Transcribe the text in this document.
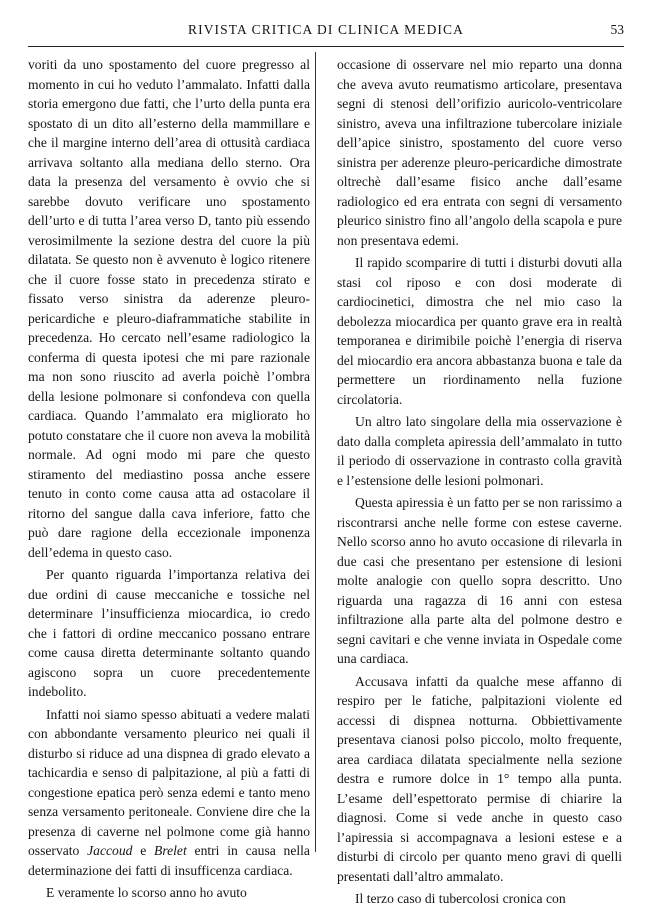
RIVISTA CRITICA DI CLINICA MEDICA	53

voriti da uno spostamento del cuore pregresso al momento in cui ho veduto l’ammalato. Infatti dalla storia emergono due fatti, che l’urto della punta era spostato di un dito all’esterno della mammillare e che il margine interno dell’area di ottusità cardiaca arrivava soltanto alla mediana dello sterno. Ora data la presenza del versamento è ovvio che si sarebbe dovuto verificare uno spostamento dell’urto e di tutta l’area verso D, tanto più essendo verosimilmente la sezione destra del cuore la più dilatata. Se questo non è avvenuto è logico ritenere che il cuore fosse stato in precedenza stirato e fissato verso sinistra da aderenze pleuro-pericardiche e pleuro-diaframmatiche stabilite in precedenza. Ho cercato nell’esame radiologico la conferma di questa ipotesi che mi pare razionale ma non sono riuscito ad averla poichè l’ombra della lesione polmonare si confondeva con quella cardiaca. Quando l’ammalato era migliorato ho potuto constatare che il cuore non aveva la mobilità normale. Ad ogni modo mi pare che questo stiramento del mediastino possa anche essere tenuto in conto come causa atta ad ostacolare il ritorno del sangue dalla cava inferiore, fatto che può dare ragione della eccezionale imponenza dell’edema in questo caso.

Per quanto riguarda l’importanza relativa dei due ordini di cause meccaniche e tossiche nel determinare l’insufficienza miocardica, io credo che i fattori di ordine meccanico possano entrare come causa diretta determinante soltanto quando agiscono sopra un cuore precedentemente indebolito.

Infatti noi siamo spesso abituati a vedere malati con abbondante versamento pleurico nei quali il disturbo si riduce ad una dispnea di grado elevato a tachicardia e senso di palpitazione, al più a fatti di congestione epatica però senza edemi e tanto meno senza versamento peritoneale. Conviene dire che la presenza di caverne nel polmone come già hanno osservato Jaccoud e Brelet entri in causa nella determinazione dei fatti di insufficenza cardiaca.

E veramente lo scorso anno ho avuto

occasione di osservare nel mio reparto una donna che aveva avuto reumatismo articolare, presentava segni di stenosi dell’orifizio auricolo-ventricolare sinistro, aveva una infiltrazione tubercolare iniziale dell’apice sinistro, spostamento del cuore verso sinistra per aderenze pleuro-pericardiche dimostrate oltrechè dall’esame fisico anche dall’esame radiologico ed era entrata con segni di versamento pleurico sinistro fino all’angolo della scapola e pure non presentava edemi.

Il rapido scomparire di tutti i disturbi dovuti alla stasi col riposo e con dosi moderate di cardiocinetici, dimostra che nel mio caso la debolezza miocardica per quanto grave era in realtà temporanea e dirimibile poichè l’energia di riserva del miocardio era ancora abbastanza buona e tale da permettere un riordinamento nella fuzione circolatoria.

Un altro lato singolare della mia osservazione è dato dalla completa apiressia dell’ammalato in tutto il periodo di osservazione in contrasto colla gravità e l’estensione delle lesioni polmonari.

Questa apiressia è un fatto per se non rarissimo a riscontrarsi anche nelle forme con estese caverne. Nello scorso anno ho avuto occasione di rilevarla in due casi che presentano per estensione di lesioni molte analogie con quello sopra descritto. Uno riguarda una ragazza di 16 anni con estesa infiltrazione alla parte alta del polmone destro e segni cavitari e che venne inviata in Ospedale come una cardiaca.

Accusava infatti da qualche mese affanno di respiro per le fatiche, palpitazioni violente ed accessi di dispnea notturna. Obbiettivamente presentava cianosi polso piccolo, molto frequente, area cardiaca dilatata specialmente nella sezione destra e rumore dolce in 1° tempo alla punta. L’esame dell’espettorato permise di chiarire la diagnosi. Come si vede anche in questo caso l’apiressia si accompagnava a lesioni estese e a disturbi di circolo per quanto meno gravi di quelli presentati dall’altro ammalato.

Il terzo caso di tubercolosi cronica con
